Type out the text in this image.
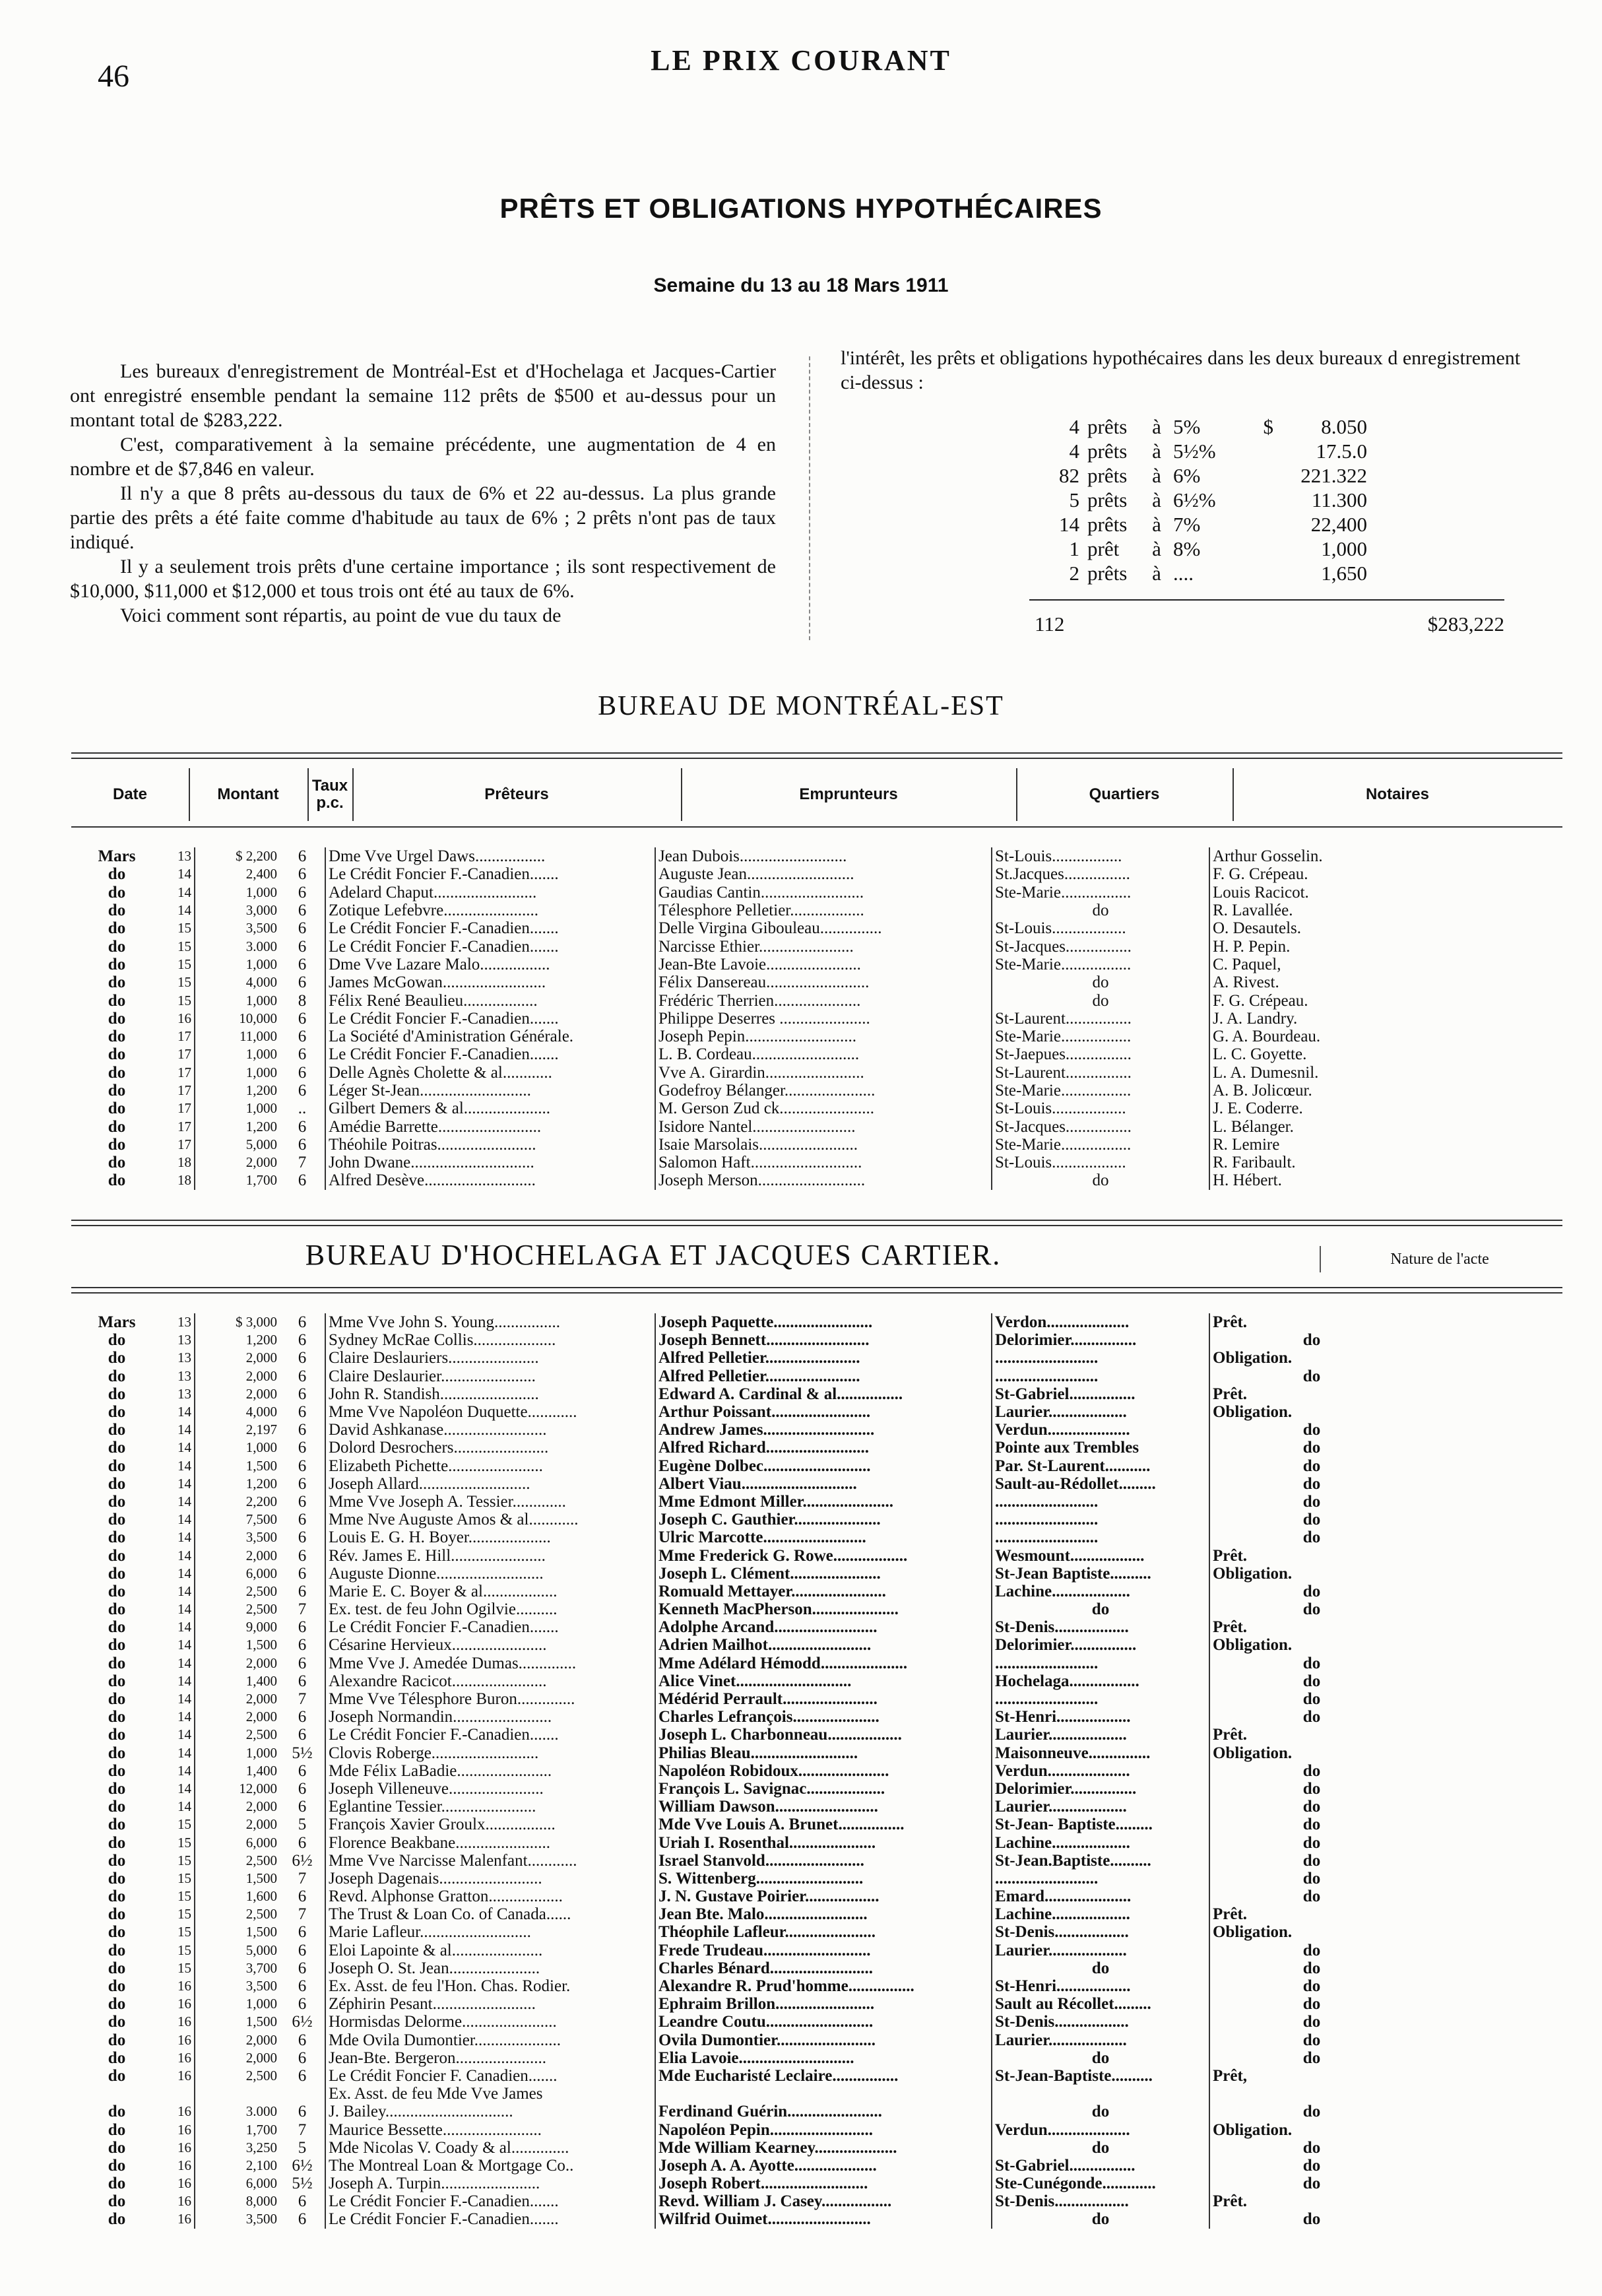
46	LE PRIX COURANT
PRÊTS ET OBLIGATIONS HYPOTHÉCAIRES
Semaine du 13 au 18 Mars 1911

Les bureaux d'enregistrement de Montréal-Est et d'Hochelaga et Jacques-Cartier ont enregistré ensemble pendant la semaine 112 prêts de $500 et au-dessus pour un montant total de $283,222.

C'est, comparativement à la semaine précédente, une augmentation de 4 en nombre et de $7,846 en valeur.

Il n'y a que 8 prêts au-dessous du taux de 6% et 22 au-dessus. La plus grande partie des prêts a été faite comme d'habitude au taux de 6% ; 2 prêts n'ont pas de taux indiqué.

Il y a seulement trois prêts d'une certaine importance ; ils sont respectivement de $10,000, $11,000 et $12,000 et tous trois ont été au taux de 6%.

Voici comment sont répartis, au point de vue du taux de

l'intérêt, les prêts et obligations hypothécaires dans les deux bureaux d enregistrement ci-dessus :

4	prêts	à	5%	$	8.050
4	prêts	à	5½%		17.5.0
82	prêts	à	6%		221.322
5	prêts	à	6½%		11.300
14	prêts	à	7%		22,400
1	prêt	à	8%		1,000
2	prêts	à	....		1,650
112	$283,222
BUREAU DE MONTRÉAL-EST
Date	Montant	Taux p.c.	Prêteurs	Emprunteurs	Quartiers	Notaires
Mars	13	$ 2,200	6	Dme Vve Urgel Daws.................	Jean Dubois..........................	St-Louis.................	Arthur Gosselin.
do	14	2,400	6	Le Crédit Foncier F.-Canadien.......	Auguste Jean..........................	St.Jacques................	F. G. Crépeau.
do	14	1,000	6	Adelard Chaput.........................	Gaudias Cantin.........................	Ste-Marie.................	Louis Racicot.
do	14	3,000	6	Zotique Lefebvre.......................	Télesphore Pelletier..................	do	R. Lavallée.
do	15	3,500	6	Le Crédit Foncier F.-Canadien.......	Delle Virgina Gibouleau...............	St-Louis..................	O. Desautels.
do	15	3.000	6	Le Crédit Foncier F.-Canadien.......	Narcisse Ethier.......................	St-Jacques................	H. P. Pepin.
do	15	1,000	6	Dme Vve Lazare Malo.................	Jean-Bte Lavoie.......................	Ste-Marie.................	C. Paquel,
do	15	4,000	6	James McGowan.........................	Félix Dansereau.........................	do	A. Rivest.
do	15	1,000	8	Félix René Beaulieu..................	Frédéric Therrien.....................	do	F. G. Crépeau.
do	16	10,000	6	Le Crédit Foncier F.-Canadien.......	Philippe Deserres ......................	St-Laurent................	J. A. Landry.
do	17	11,000	6	La Société d'Aministration Générale.	Joseph Pepin...........................	Ste-Marie.................	G. A. Bourdeau.
do	17	1,000	6	Le Crédit Foncier F.-Canadien.......	L. B. Cordeau..........................	St-Jaepues................	L. C. Goyette.
do	17	1,000	6	Delle Agnès Cholette & al............	Vve A. Girardin........................	St-Laurent................	L. A. Dumesnil.
do	17	1,200	6	Léger St-Jean...........................	Godefroy Bélanger......................	Ste-Marie.................	A. B. Jolicœur.
do	17	1,000	..	Gilbert Demers & al.....................	M. Gerson Zud ck.......................	St-Louis..................	J. E. Coderre.
do	17	1,200	6	Amédie Barrette.........................	Isidore Nantel.........................	St-Jacques................	L. Bélanger.
do	17	5,000	6	Théohile Poitras........................	Isaie Marsolais........................	Ste-Marie.................	R. Lemire
do	18	2,000	7	John Dwane..............................	Salomon Haft...........................	St-Louis..................	R. Faribault.
do	18	1,700	6	Alfred Desève...........................	Joseph Merson..........................	do	H. Hébert.
BUREAU D'HOCHELAGA ET JACQUES CARTIER.	Nature de l'acte
Mars	13	$ 3,000	6	Mme Vve John S. Young................	Joseph Paquette........................	Verdon....................	Prêt.
do	13	1,200	6	Sydney McRae Collis....................	Joseph Bennett.........................	Delorimier................	do
do	13	2,000	6	Claire Deslauriers......................	Alfred Pelletier.......................	.........................	Obligation.
do	13	2,000	6	Claire Deslaurier.......................	Alfred Pelletier.......................	.........................	do
do	13	2,000	6	John R. Standish........................	Edward A. Cardinal & al................	St-Gabriel................	Prêt.
do	14	4,000	6	Mme Vve Napoléon Duquette............	Arthur Poissant........................	Laurier...................	Obligation.
do	14	2,197	6	David Ashkanase.........................	Andrew James...........................	Verdun....................	do
do	14	1,000	6	Dolord Desrochers.......................	Alfred Richard.........................	Pointe aux Trembles	do
do	14	1,500	6	Elizabeth Pichette.......................	Eugène Dolbec..........................	Par. St-Laurent...........	do
do	14	1,200	6	Joseph Allard...........................	Albert Viau............................	Sault-au-Rédollet.........	do
do	14	2,200	6	Mme Vve Joseph A. Tessier.............	Mme Edmont Miller......................	.........................	do
do	14	7,500	6	Mme Nve Auguste Amos & al............	Joseph C. Gauthier.....................	.........................	do
do	14	3,500	6	Louis E. G. H. Boyer....................	Ulric Marcotte.........................	.........................	do
do	14	2,000	6	Rév. James E. Hill.......................	Mme Frederick G. Rowe..................	Wesmount..................	Prêt.
do	14	6,000	6	Auguste Dionne..........................	Joseph L. Clément......................	St-Jean Baptiste..........	Obligation.
do	14	2,500	6	Marie E. C. Boyer & al..................	Romuald Mettayer.......................	Lachine...................	do
do	14	2,500	7	Ex. test. de feu John Ogilvie..........	Kenneth MacPherson.....................	do	do
do	14	9,000	6	Le Crédit Foncier F.-Canadien.......	Adolphe Arcand.........................	St-Denis..................	Prêt.
do	14	1,500	6	Césarine Hervieux.......................	Adrien Mailhot.........................	Delorimier................	Obligation.
do	14	2,000	6	Mme Vve J. Amedée Dumas..............	Mme Adélard Hémodd.....................	.........................	do
do	14	1,400	6	Alexandre Racicot.......................	Alice Vinet............................	Hochelaga.................	do
do	14	2,000	7	Mme Vve Télesphore Buron..............	Médérid Perrault.......................	.........................	do
do	14	2,000	6	Joseph Normandin........................	Charles Lefrançois.....................	St-Henri..................	do
do	14	2,500	6	Le Crédit Foncier F.-Canadien.......	Joseph L. Charbonneau..................	Laurier...................	Prêt.
do	14	1,000	5½	Clovis Roberge..........................	Philias Bleau..........................	Maisonneuve...............	Obligation.
do	14	1,400	6	Mde Félix LaBadie.......................	Napoléon Robidoux......................	Verdun....................	do
do	14	12,000	6	Joseph Villeneuve.......................	François L. Savignac...................	Delorimier................	do
do	14	2,000	6	Eglantine Tessier.......................	William Dawson.........................	Laurier...................	do
do	15	2,000	5	François Xavier Groulx.................	Mde Vve Louis A. Brunet................	St-Jean- Baptiste.........	do
do	15	6,000	6	Florence Beakbane.......................	Uriah I. Rosenthal.....................	Lachine...................	do
do	15	2,500	6½	Mme Vve Narcisse Malenfant............	Israel Stanvold........................	St-Jean.Baptiste..........	do
do	15	1,500	7	Joseph Dagenais.........................	S. Wittenberg..........................	.........................	do
do	15	1,600	6	Revd. Alphonse Gratton..................	J. N. Gustave Poirier..................	Emard.....................	do
do	15	2,500	7	The Trust & Loan Co. of Canada......	Jean Bte. Malo.........................	Lachine...................	Prêt.
do	15	1,500	6	Marie Lafleur...........................	Théophile Lafleur......................	St-Denis..................	Obligation.
do	15	5,000	6	Eloi Lapointe & al......................	Frede Trudeau..........................	Laurier...................	do
do	15	3,700	6	Joseph O. St. Jean......................	Charles Bénard.........................	do	do
do	16	3,500	6	Ex. Asst. de feu l'Hon. Chas. Rodier.	Alexandre R. Prud'homme................	St-Henri..................	do
do	16	1,000	6	Zéphirin Pesant.........................	Ephraim Brillon........................	Sault au Récollet.........	do
do	16	1,500	6½	Hormisdas Delorme.......................	Leandre Coutu..........................	St-Denis..................	do
do	16	2,000	6	Mde Ovila Dumontier.....................	Ovila Dumontier........................	Laurier...................	do
do	16	2,000	6	Jean-Bte. Bergeron......................	Elia Lavoie............................	do	do
do	16	2,500	6	Le Crédit Foncier F. Canadien.......	Mde Eucharisté Leclaire................	St-Jean-Baptiste..........	Prêt,
				Ex. Asst. de feu Mde Vve James			
do	16	3.000	6	J. Bailey...............................	Ferdinand Guérin.......................	do	do
do	16	1,700	7	Maurice Bessette........................	Napoléon Pepin.........................	Verdun....................	Obligation.
do	16	3,250	5	Mde Nicolas V. Coady & al..............	Mde William Kearney....................	do	do
do	16	2,100	6½	The Montreal Loan & Mortgage Co..	Joseph A. A. Ayotte....................	St-Gabriel................	do
do	16	6,000	5½	Joseph A. Turpin........................	Joseph Robert..........................	Ste-Cunégonde.............	do
do	16	8,000	6	Le Crédit Foncier F.-Canadien.......	Revd. William J. Casey.................	St-Denis..................	Prêt.
do	16	3,500	6	Le Crédit Foncier F.-Canadien.......	Wilfrid Ouimet.........................	do	do
